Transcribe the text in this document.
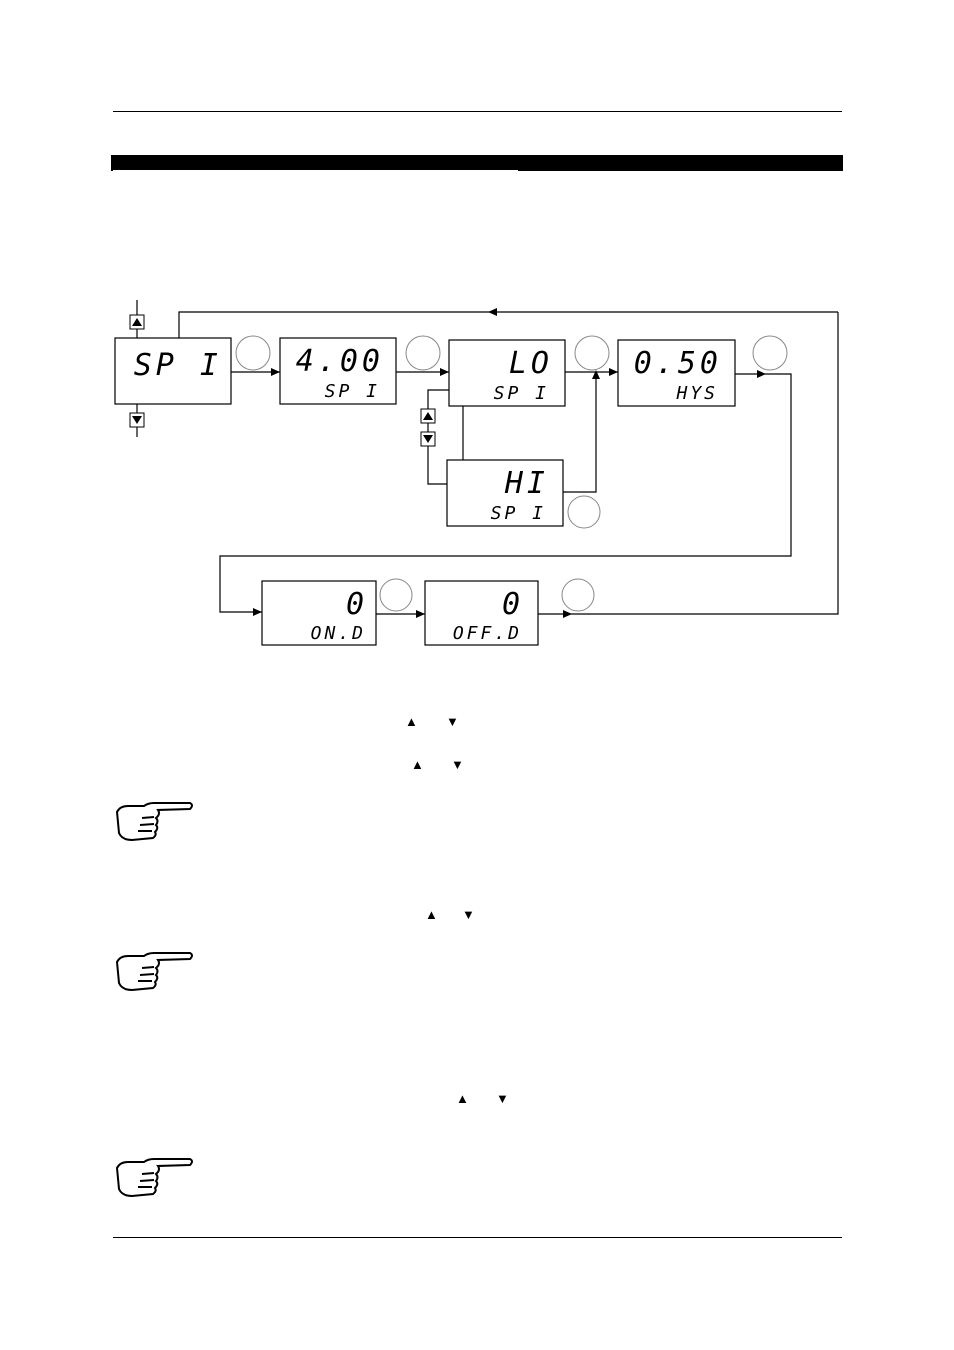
SP I 4.00
SP I
LO
SP I
0.50
HYS
HI
SP I
0
ON.D
0
OFF.D
▲ ▼
▲ ▼
▲ ▼
▲ ▼
